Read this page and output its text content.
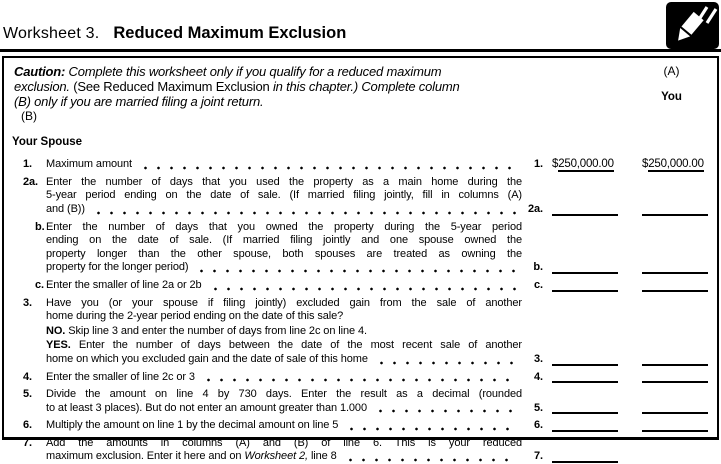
Worksheet 3. Reduced Maximum Exclusion
Caution: Complete this worksheet only if you qualify for a reduced maximum
exclusion. (See Reduced Maximum Exclusion in this chapter.) Complete column
(B) only if you are married filing a joint return.
(A)
You
(B)
Your Spouse
1.	Maximum amount	1. $250,000.00	$250,000.00
2a. Enter the number of days that you used the property as a main home during the
5-year period ending on the date of sale. (If married filing jointly, fill in columns (A)
and (B))	2a.
b. Enter the number of days that you owned the property during the 5-year period
ending on the date of sale. (If married filing jointly and one spouse owned the
property longer than the other spouse, both spouses are treated as owning the
property for the longer period)	b.
c. Enter the smaller of line 2a or 2b	c.
3.	Have you (or your spouse if filing jointly) excluded gain from the sale of another
home during the 2-year period ending on the date of this sale?
NO. Skip line 3 and enter the number of days from line 2c on line 4.
YES. Enter the number of days between the date of the most recent sale of another
home on which you excluded gain and the date of sale of this home	3.
4.	Enter the smaller of line 2c or 3	4.
5.	Divide the amount on line 4 by 730 days. Enter the result as a decimal (rounded
to at least 3 places). But do not enter an amount greater than 1.000	5.
6.	Multiply the amount on line 1 by the decimal amount on line 5	6.
7.	Add the amounts in columns (A) and (B) of line 6. This is your reduced
maximum exclusion. Enter it here and on Worksheet 2, line 8	7.
